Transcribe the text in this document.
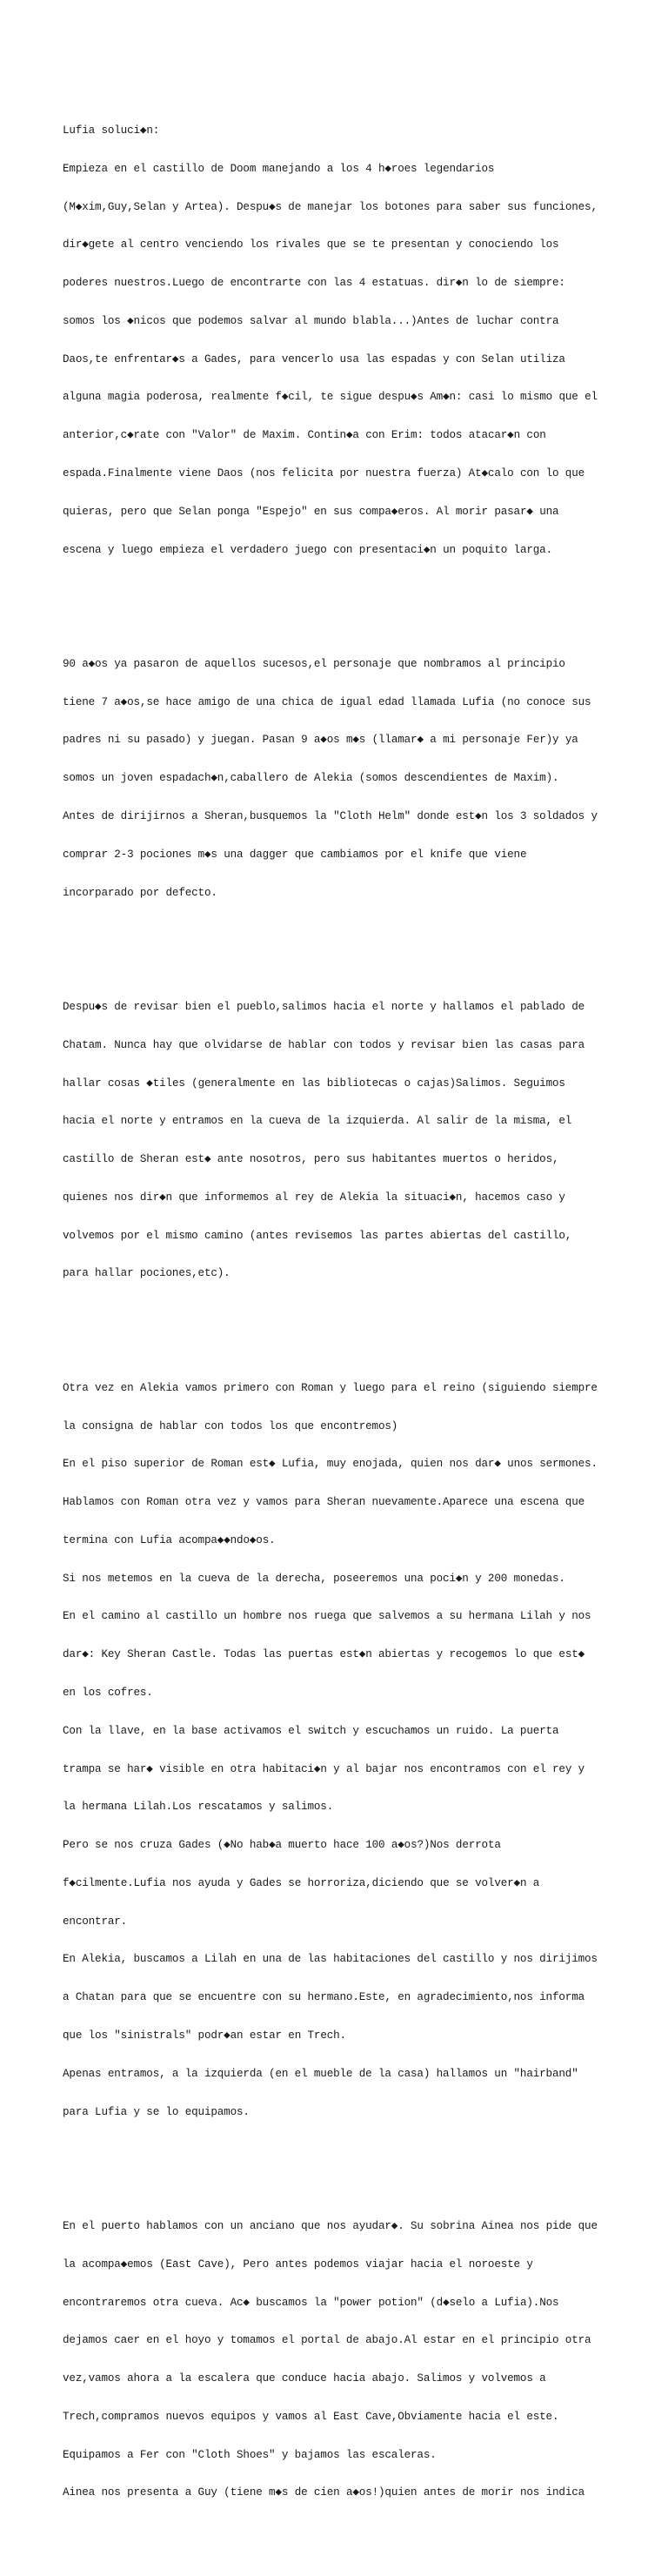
Lufia soluci◆n:

Empieza en el castillo de Doom manejando a los 4 h◆roes legendarios

(M◆xim,Guy,Selan y Artea). Despu◆s de manejar los botones para saber sus funciones,

dir◆gete al centro venciendo los rivales que se te presentan y conociendo los

poderes nuestros.Luego de encontrarte con las 4 estatuas. dir◆n lo de siempre:

somos los ◆nicos que podemos salvar al mundo blabla...)Antes de luchar contra

Daos,te enfrentar◆s a Gades, para vencerlo usa las espadas y con Selan utiliza

alguna magia poderosa, realmente f◆cil, te sigue despu◆s Am◆n: casi lo mismo que el

anterior,c◆rate con "Valor" de Maxim. Contin◆a con Erim: todos atacar◆n con

espada.Finalmente viene Daos (nos felicita por nuestra fuerza) At◆calo con lo que

quieras, pero que Selan ponga "Espejo" en sus compa◆eros. Al morir pasar◆ una

escena y luego empieza el verdadero juego con presentaci◆n un poquito larga.

90 a◆os ya pasaron de aquellos sucesos,el personaje que nombramos al principio

tiene 7 a◆os,se hace amigo de una chica de igual edad llamada Lufia (no conoce sus

padres ni su pasado) y juegan. Pasan 9 a◆os m◆s (llamar◆ a mi personaje Fer)y ya

somos un joven espadach◆n,caballero de Alekia (somos descendientes de Maxim).

Antes de dirijirnos a Sheran,busquemos la "Cloth Helm" donde est◆n los 3 soldados y

comprar 2-3 pociones m◆s una dagger que cambiamos por el knife que viene

incorparado por defecto.

Despu◆s de revisar bien el pueblo,salimos hacia el norte y hallamos el pablado de

Chatam. Nunca hay que olvidarse de hablar con todos y revisar bien las casas para

hallar cosas ◆tiles (generalmente en las bibliotecas o cajas)Salimos. Seguimos

hacia el norte y entramos en la cueva de la izquierda. Al salir de la misma, el

castillo de Sheran est◆ ante nosotros, pero sus habitantes muertos o heridos,

quienes nos dir◆n que informemos al rey de Alekia la situaci◆n, hacemos caso y

volvemos por el mismo camino (antes revisemos las partes abiertas del castillo,

para hallar pociones,etc).

Otra vez en Alekia vamos primero con Roman y luego para el reino (siguiendo siempre

la consigna de hablar con todos los que encontremos)

En el piso superior de Roman est◆ Lufia, muy enojada, quien nos dar◆ unos sermones.

Hablamos con Roman otra vez y vamos para Sheran nuevamente.Aparece una escena que

termina con Lufia acompa◆◆ndo◆os.

Si nos metemos en la cueva de la derecha, poseeremos una poci◆n y 200 monedas.

En el camino al castillo un hombre nos ruega que salvemos a su hermana Lilah y nos

dar◆: Key Sheran Castle. Todas las puertas est◆n abiertas y recogemos lo que est◆

en los cofres.

Con la llave, en la base activamos el switch y escuchamos un ruido. La puerta

trampa se har◆ visible en otra habitaci◆n y al bajar nos encontramos con el rey y

la hermana Lilah.Los rescatamos y salimos.

Pero se nos cruza Gades (◆No hab◆a muerto hace 100 a◆os?)Nos derrota

f◆cilmente.Lufia nos ayuda y Gades se horroriza,diciendo que se volver◆n a

encontrar.

En Alekia, buscamos a Lilah en una de las habitaciones del castillo y nos dirijimos

a Chatan para que se encuentre con su hermano.Este, en agradecimiento,nos informa

que los "sinistrals" podr◆an estar en Trech.

Apenas entramos, a la izquierda (en el mueble de la casa) hallamos un "hairband"

para Lufia y se lo equipamos.

En el puerto hablamos con un anciano que nos ayudar◆. Su sobrina Ainea nos pide que

la acompa◆emos (East Cave), Pero antes podemos viajar hacia el noroeste y

encontraremos otra cueva. Ac◆ buscamos la "power potion" (d◆selo a Lufia).Nos

dejamos caer en el hoyo y tomamos el portal de abajo.Al estar en el principio otra

vez,vamos ahora a la escalera que conduce hacia abajo. Salimos y volvemos a

Trech,compramos nuevos equipos y vamos al East Cave,Obviamente hacia el este.

Equipamos a Fer con "Cloth Shoes" y bajamos las escaleras.

Ainea nos presenta a Guy (tiene m◆s de cien a◆os!)quien antes de morir nos indica
